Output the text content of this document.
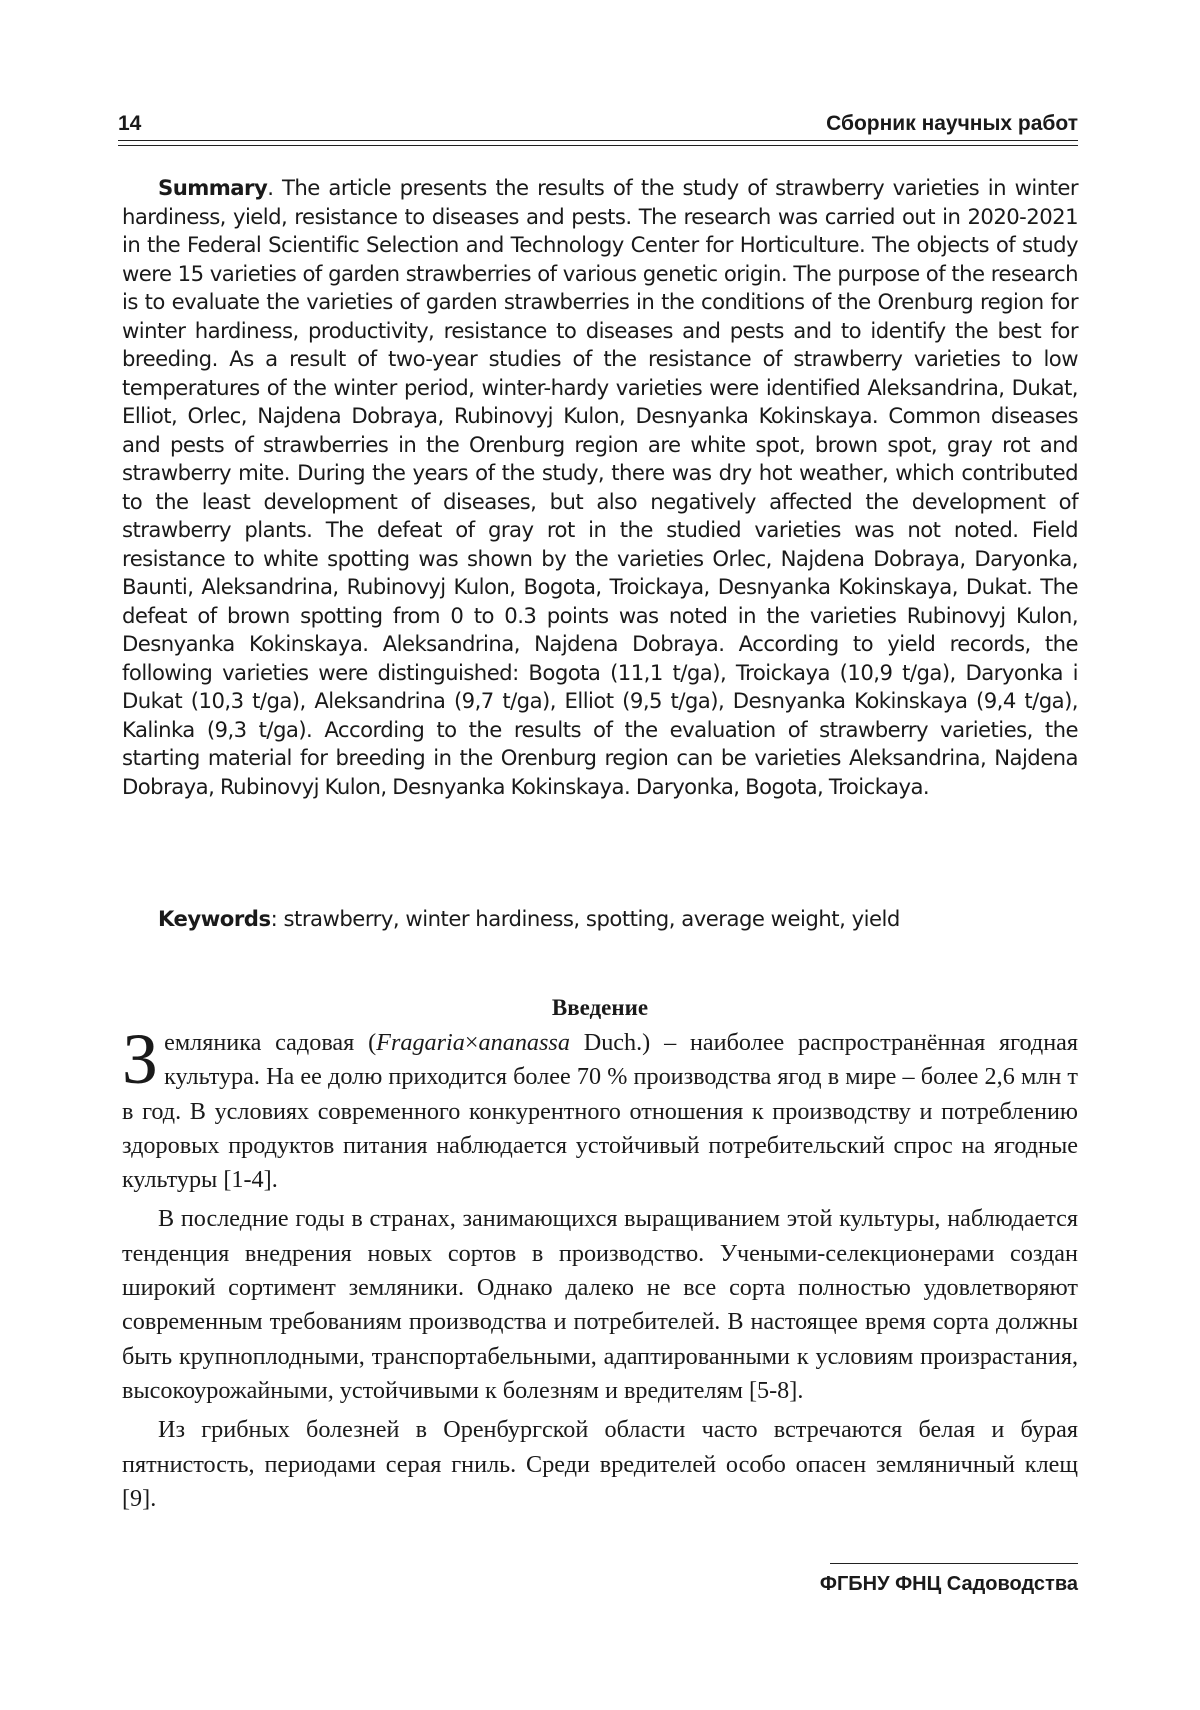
14	Сборник научных работ

Summary. The article presents the results of the study of strawberry varieties in winter hardiness, yield, resistance to diseases and pests. The research was carried out in 2020-2021 in the Federal Scientific Selection and Technology Center for Horticulture. The objects of study were 15 varieties of garden strawberries of various genetic origin. The purpose of the research is to evaluate the varieties of garden strawberries in the conditions of the Orenburg region for winter hardiness, productivity, resistance to diseases and pests and to identify the best for breeding. As a result of two-year studies of the resistance of strawberry varieties to low temperatures of the winter period, winter-hardy varieties were identified Aleksandrina, Dukat, Elliot, Orlec, Najdena Dobraya, Rubinovyj Kulon, Desnyanka Kokinskaya. Common diseases and pests of strawberries in the Orenburg region are white spot, brown spot, gray rot and strawberry mite. During the years of the study, there was dry hot weather, which contributed to the least development of diseases, but also negatively affected the development of strawberry plants. The defeat of gray rot in the studied varieties was not noted. Field resistance to white spotting was shown by the varieties Orlec, Najdena Dobraya, Daryonka, Baunti, Aleksandrina, Rubinovyj Kulon, Bogota, Troickaya, Desnyanka Kokinskaya, Dukat. The defeat of brown spotting from 0 to 0.3 points was noted in the varieties Rubinovyj Kulon, Desnyanka Kokinskaya. Aleksandrina, Najdena Dobraya. According to yield records, the following varieties were distinguished: Bogota (11,1 t/ga), Troickaya (10,9 t/ga), Daryonka i Dukat (10,3 t/ga), Aleksandrina (9,7 t/ga), Elliot (9,5 t/ga), Desnyanka Kokinskaya (9,4 t/ga), Kalinka (9,3 t/ga). According to the results of the evaluation of strawberry varieties, the starting material for breeding in the Orenburg region can be varieties Aleksandrina, Najdena Dobraya, Rubinovyj Kulon, Desnyanka Kokinskaya. Daryonka, Bogota, Troickaya.

Keywords: strawberry, winter hardiness, spotting, average weight, yield

Введение

Земляника садовая (Fragaria×ananassa Duch.) – наиболее распространённая ягодная культура. На ее долю приходится более 70 % производства ягод в мире – более 2,6 млн т в год. В условиях современного конкурентного отношения к производству и потреблению здоровых продуктов питания наблюдается устойчивый потребительский спрос на ягодные культуры [1-4].

В последние годы в странах, занимающихся выращиванием этой культуры, наблюдается тенденция внедрения новых сортов в производство. Учеными-селекционерами создан широкий сортимент земляники. Однако далеко не все сорта полностью удовлетворяют современным требованиям производства и потребителей. В настоящее время сорта должны быть крупноплодными, транспортабельными, адаптированными к условиям произрастания, высокоурожайными, устойчивыми к болезням и вредителям [5-8].

Из грибных болезней в Оренбургской области часто встречаются белая и бурая пятнистость, периодами серая гниль. Среди вредителей особо опасен земляничный клещ [9].

ФГБНУ ФНЦ Садоводства
